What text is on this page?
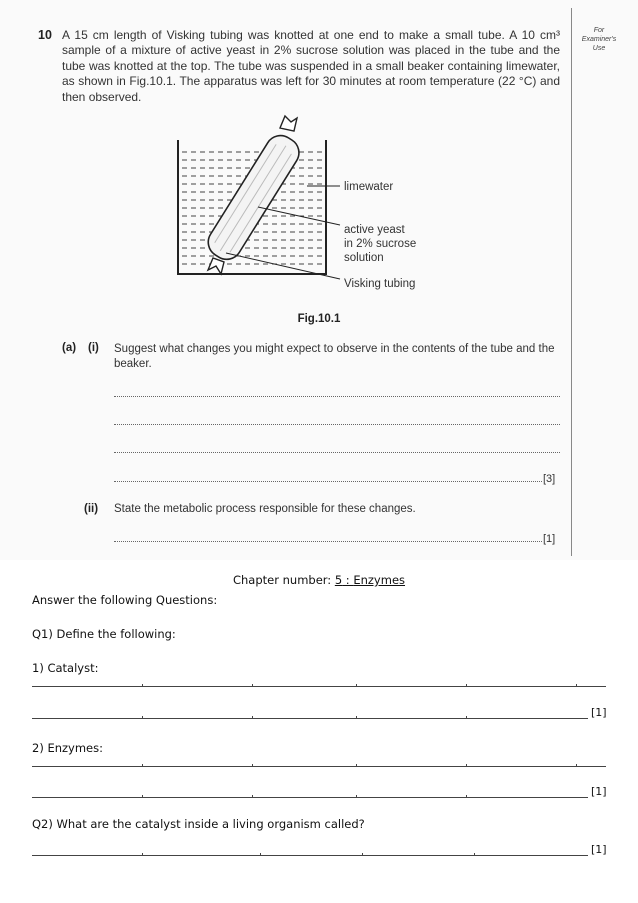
For Examiner's Use
10 A 15 cm length of Visking tubing was knotted at one end to make a small tube. A 10 cm³ sample of a mixture of active yeast in 2% sucrose solution was placed in the tube and the tube was knotted at the top. The tube was suspended in a small beaker containing limewater, as shown in Fig.10.1. The apparatus was left for 30 minutes at room temperature (22 °C) and then observed.

limewater
active yeast
in 2% sucrose
solution
Visking tubing
Fig.10.1
(a) (i) Suggest what changes you might expect to observe in the contents of the tube and the beaker.
[3]
(ii) State the metabolic process responsible for these changes.
[1]
Chapter number: 5 : Enzymes
Answer the following Questions:
Q1) Define the following:
1) Catalyst:
[1]
2) Enzymes:
[1]
Q2) What are the catalyst inside a living organism called?
[1]
